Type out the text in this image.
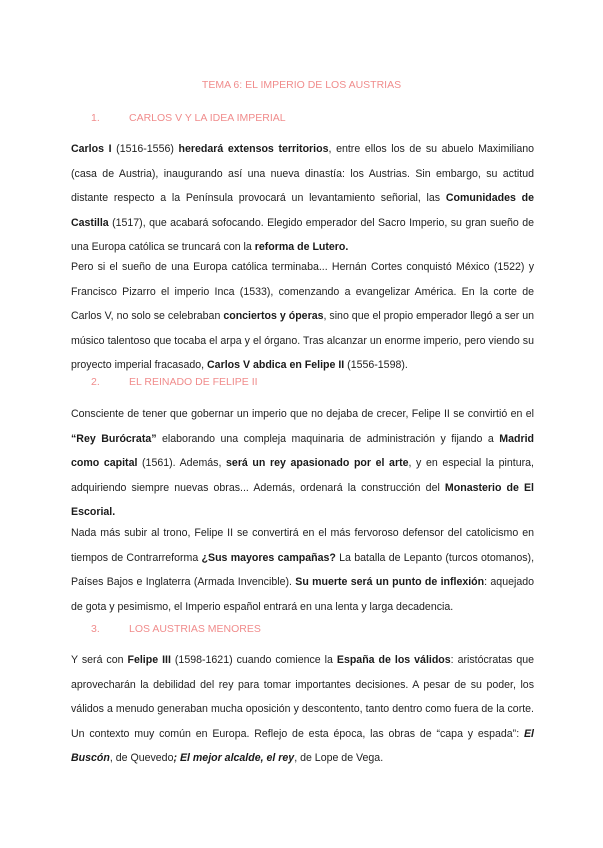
TEMA 6: EL IMPERIO DE LOS AUSTRIAS
1.	CARLOS V Y LA IDEA IMPERIAL

Carlos I (1516-1556) heredará extensos territorios, entre ellos los de su abuelo Maximiliano (casa de Austria), inaugurando así una nueva dinastía: los Austrias. Sin embargo, su actitud distante respecto a la Península provocará un levantamiento señorial, las Comunidades de Castilla (1517), que acabará sofocando. Elegido emperador del Sacro Imperio, su gran sueño de una Europa católica se truncará con la reforma de Lutero.

Pero si el sueño de una Europa católica terminaba... Hernán Cortes conquistó México (1522) y Francisco Pizarro el imperio Inca (1533), comenzando a evangelizar América. En la corte de Carlos V, no solo se celebraban conciertos y óperas, sino que el propio emperador llegó a ser un músico talentoso que tocaba el arpa y el órgano. Tras alcanzar un enorme imperio, pero viendo su proyecto imperial fracasado, Carlos V abdica en Felipe II (1556-1598).

2.	EL REINADO DE FELIPE II

Consciente de tener que gobernar un imperio que no dejaba de crecer, Felipe II se convirtió en el “Rey Burócrata” elaborando una compleja maquinaria de administración y fijando a Madrid como capital (1561). Además, será un rey apasionado por el arte, y en especial la pintura, adquiriendo siempre nuevas obras... Además, ordenará la construcción del Monasterio de El Escorial.

Nada más subir al trono, Felipe II se convertirá en el más fervoroso defensor del catolicismo en tiempos de Contrarreforma ¿Sus mayores campañas? La batalla de Lepanto (turcos otomanos), Países Bajos e Inglaterra (Armada Invencible). Su muerte será un punto de inflexión: aquejado de gota y pesimismo, el Imperio español entrará en una lenta y larga decadencia.

3.	LOS AUSTRIAS MENORES

Y será con Felipe III (1598-1621) cuando comience la España de los válidos: aristócratas que aprovecharán la debilidad del rey para tomar importantes decisiones. A pesar de su poder, los válidos a menudo generaban mucha oposición y descontento, tanto dentro como fuera de la corte. Un contexto muy común en Europa. Reflejo de esta época, las obras de “capa y espada”: El Buscón, de Quevedo; El mejor alcalde, el rey, de Lope de Vega.
